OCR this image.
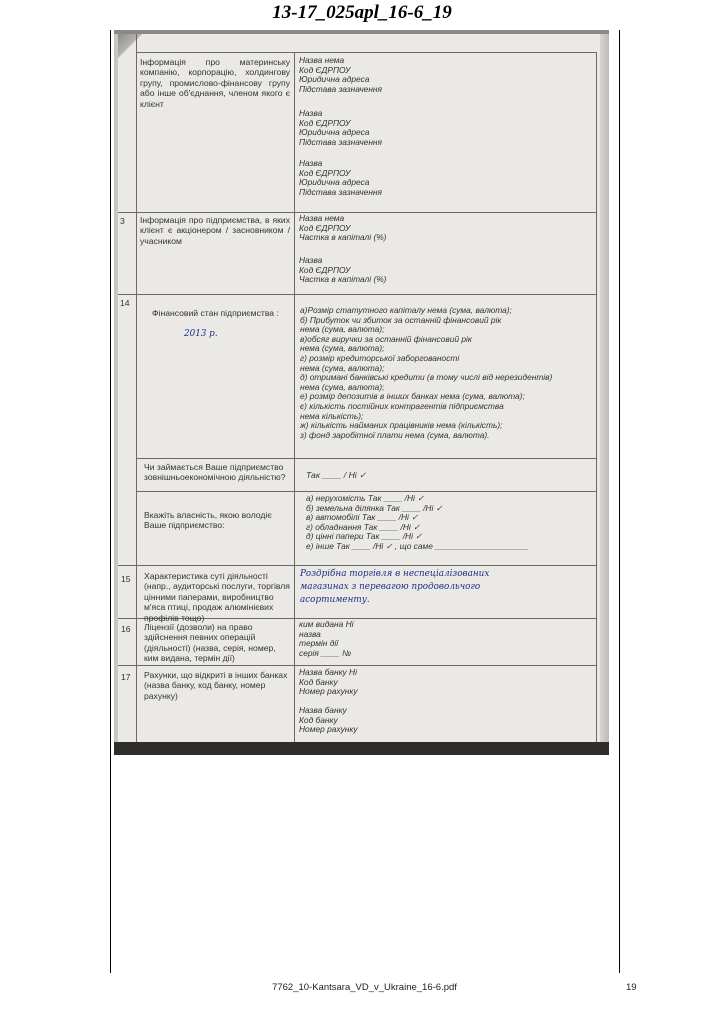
13-17_025apl_16-6_19
Інформація про материнську компанію, корпорацію, холдингову групу, промислово-фінансову групу або інше об'єднання, членом якого є клієнт
Назва нема
Код ЄДРПОУ
Юридична адреса
Підстава зазначення
Назва
Код ЄДРПОУ
Юридична адреса
Підстава зазначення
Назва
Код ЄДРПОУ
Юридична адреса
Підстава зазначення
3 Інформація про підприємства, в яких клієнт є акціонером / засновником / учасником
Назва нема
Код ЄДРПОУ
Частка в капіталі (%)
Назва
Код ЄДРПОУ
Частка в капіталі (%)
14
Фінансовий стан підприємства :
2013 р.
а)Розмір статутного капіталу нема (сума, валюта);
б) Прибуток чи збиток за останній фінансовий рік
нема (сума, валюта);
в)обсяг виручки за останній фінансовий рік
нема (сума, валюта);
г) розмір кредиторської заборгованості
нема (сума, валюта);
д) отримані банківські кредити (в тому числі від нерезидентів)
нема (сума, валюта);
е) розмір депозитів в інших банках нема (сума, валюта);
є) кількість постійних контрагентів підприємства
нема кількість);
ж) кількість найманих працівників нема (кількість);
з) фонд заробітної плати нема (сума, валюта).
Чи займається Ваше підприємство зовнішньоекономічною діяльністю?	Так ____ / Ні ✓
Вкажіть власність, якою володіє Ваше підприємство:
а) нерухомість Так ____ /Ні ✓
б) земельна ділянка Так ____ /Ні ✓
в) автомобілі Так ____ /Ні ✓
г) обладнання Так ____ /Ні ✓
д) цінні папери Так ____ /Ні ✓
е) інше Так ____ /Ні ✓ , що саме ____________________
15 Характеристика суті діяльності (напр., аудиторські послуги, торгівля цінними паперами, виробництво м'яса птиці, продаж алюмінієвих профілів тощо)
Роздрібна торгівля в неспеціалізованих
магазинах з перевагою продовольчого
асортименту.
16 Ліцензії (дозволи) на право здійснення певних операцій (діяльності) (назва, серія, номер, ким видана, термін дії)
ким видана Ні
назва
термін дії
серія ____ №
17 Рахунки, що відкриті в інших банках (назва банку, код банку, номер рахунку)
Назва банку Ні
Код банку
Номер рахунку
Назва банку
Код банку
Номер рахунку
7762_10-Kantsara_VD_v_Ukraine_16-6.pdf	19
